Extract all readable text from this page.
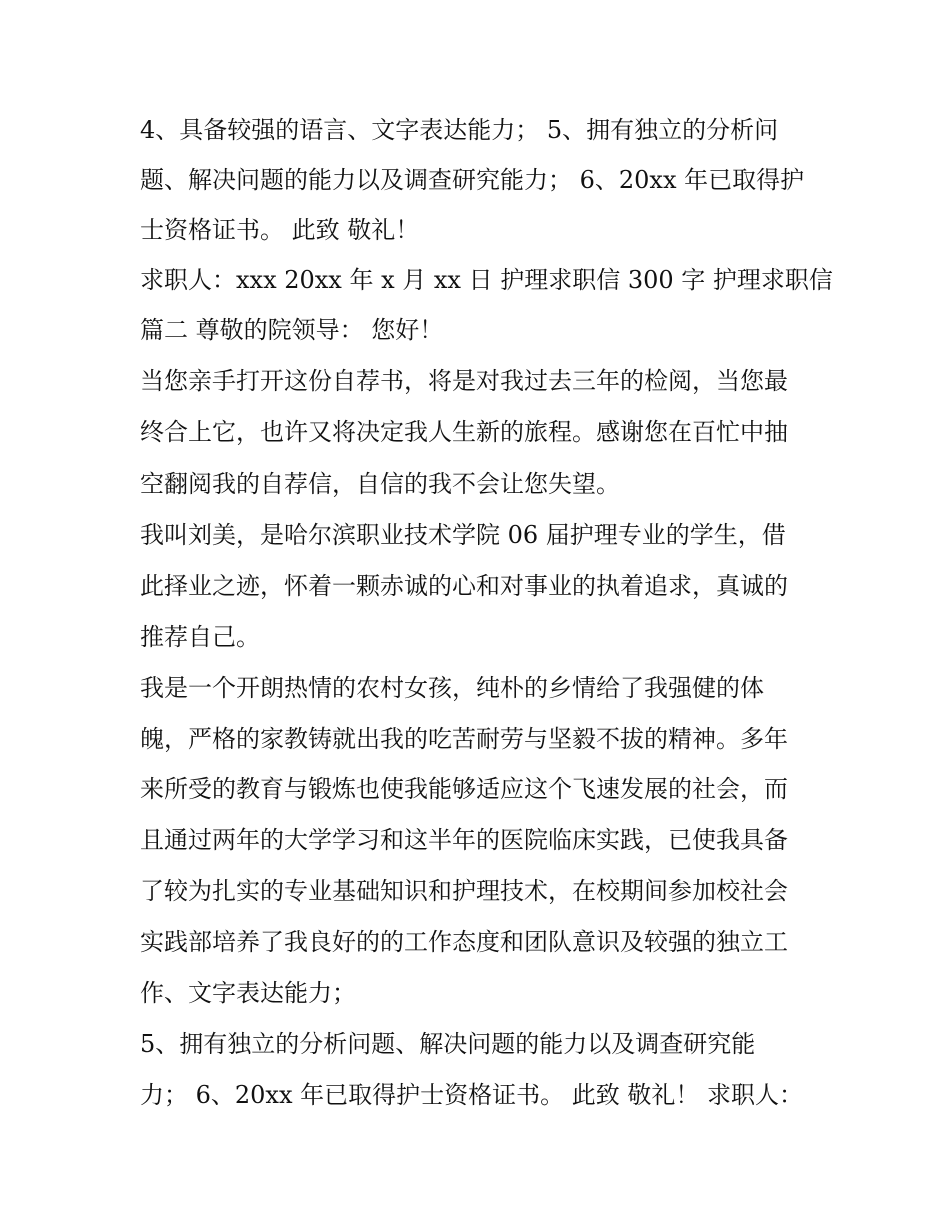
4、具备较强的语言、文字表达能力； 5、拥有独立的分析问
题、解决问题的能力以及调查研究能力； 6、20xx 年已取得护
士资格证书。 此致 敬礼！
求职人：xxx 20xx 年 x 月 xx 日 护理求职信 300 字 护理求职信
篇二 尊敬的院领导： 您好！
当您亲手打开这份自荐书，将是对我过去三年的检阅，当您最
终合上它，也许又将决定我人生新的旅程。感谢您在百忙中抽
空翻阅我的自荐信，自信的我不会让您失望。
我叫刘美，是哈尔滨职业技术学院 06 届护理专业的学生，借
此择业之迹，怀着一颗赤诚的心和对事业的执着追求，真诚的
推荐自己。
我是一个开朗热情的农村女孩，纯朴的乡情给了我强健的体
魄，严格的家教铸就出我的吃苦耐劳与坚毅不拔的精神。多年
来所受的教育与锻炼也使我能够适应这个飞速发展的社会，而
且通过两年的大学学习和这半年的医院临床实践，已使我具备
了较为扎实的专业基础知识和护理技术，在校期间参加校社会
实践部培养了我良好的的工作态度和团队意识及较强的独立工
作、文字表达能力；
5、拥有独立的分析问题、解决问题的能力以及调查研究能
力； 6、20xx 年已取得护士资格证书。 此致 敬礼！ 求职人：
